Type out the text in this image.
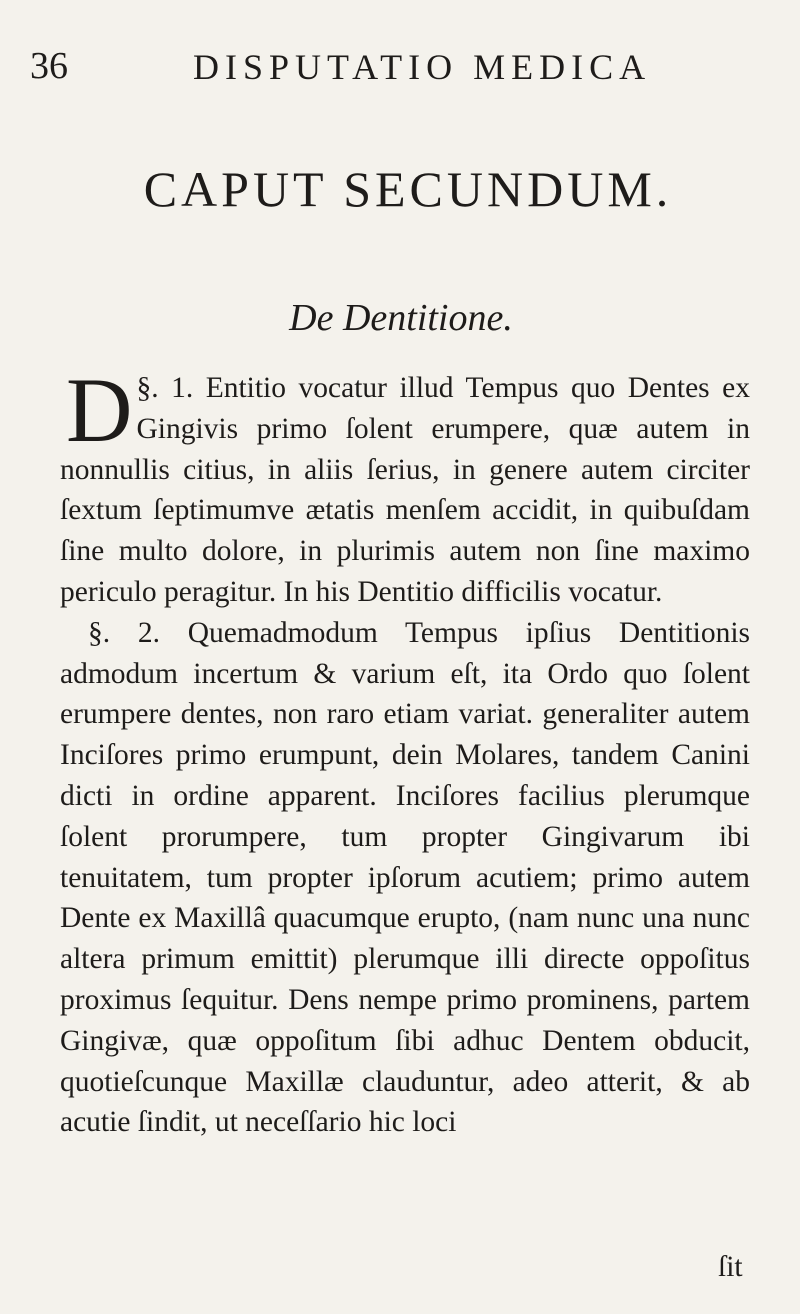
36	DISPUTATIO MEDICA
CAPUT SECUNDUM.
De Dentitione.

§. 1.
D Entitio vocatur illud Tempus quo Dentes ex Gingivis primo ſolent erumpere, quæ autem in nonnullis citius, in aliis ſerius, in genere autem circiter ſextum ſeptimumve ætatis menſem accidit, in quibuſdam ſine multo dolore, in plurimis autem non ſine maximo periculo peragitur. In his Dentitio difficilis vocatur.

§. 2. Quemadmodum Tempus ipſius Dentitionis admodum incertum & varium eſt, ita Ordo quo ſolent erumpere dentes, non raro etiam variat. generaliter autem Inciſores primo erumpunt, dein Molares, tandem Canini dicti in ordine apparent. Inciſores facilius plerumque ſolent prorumpere, tum propter Gingivarum ibi tenuitatem, tum propter ipſorum acutiem; primo autem Dente ex Maxillâ quacumque erupto, (nam nunc una nunc altera primum emittit) plerumque illi directe oppoſitus proximus ſequitur. Dens nempe primo prominens, partem Gingivæ, quæ oppoſitum ſibi adhuc Dentem obducit, quotieſcunque Maxillæ clauduntur, adeo atterit, & ab acutie ſindit, ut neceſſario hic loci

ſit
